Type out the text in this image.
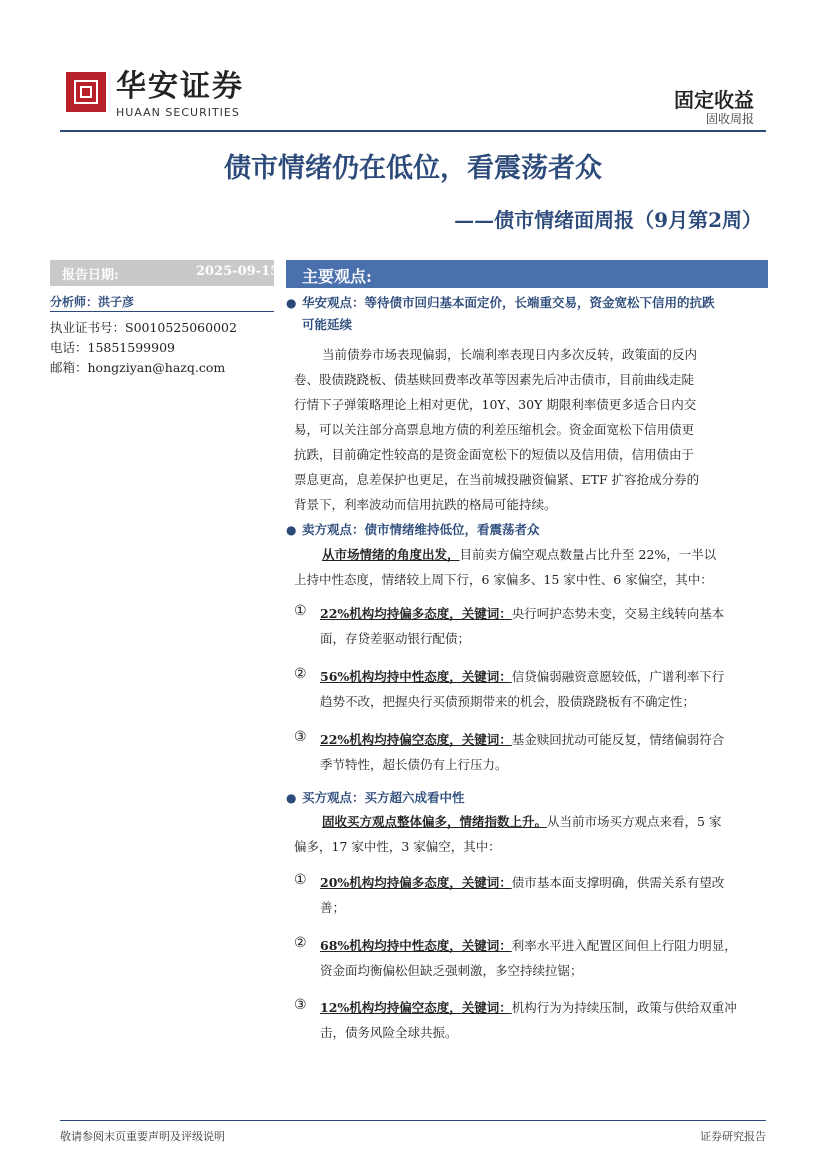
华安证券
HUAAN SECURITIES
固定收益
固收周报
债市情绪仍在低位，看震荡者众
——债市情绪面周报（9月第2周）
报告日期:	2025-09-15
分析师：洪子彦
执业证书号：S0010525060002
电话：15851599909
邮箱：hongziyan@hazq.com
主要观点:
● 华安观点：等待债市回归基本面定价，长端重交易，资金宽松下信用的抗跌
可能延续
当前债券市场表现偏弱，长端利率表现日内多次反转，政策面的反内
卷、股债跷跷板、债基赎回费率改革等因素先后冲击债市，目前曲线走陡
行情下子弹策略理论上相对更优，10Y、30Y 期限利率债更多适合日内交
易，可以关注部分高票息地方债的利差压缩机会。资金面宽松下信用债更
抗跌，目前确定性较高的是资金面宽松下的短债以及信用债，信用债由于
票息更高，息差保护也更足，在当前城投融资偏紧、ETF 扩容抢成分券的
背景下，利率波动而信用抗跌的格局可能持续。
● 卖方观点：债市情绪维持低位，看震荡者众
从市场情绪的角度出发，目前卖方偏空观点数量占比升至 22%，一半以
上持中性态度，情绪较上周下行，6 家偏多、15 家中性、6 家偏空，其中：
① 22%机构均持偏多态度，关键词：央行呵护态势未变，交易主线转向基本
面，存贷差驱动银行配债；
② 56%机构均持中性态度，关键词：信贷偏弱融资意愿较低，广谱利率下行
趋势不改，把握央行买债预期带来的机会，股债跷跷板有不确定性；
③ 22%机构均持偏空态度，关键词：基金赎回扰动可能反复，情绪偏弱符合
季节特性，超长债仍有上行压力。
● 买方观点：买方超六成看中性
固收买方观点整体偏多，情绪指数上升。从当前市场买方观点来看，5 家
偏多，17 家中性，3 家偏空，其中：
① 20%机构均持偏多态度，关键词：债市基本面支撑明确，供需关系有望改
善；
② 68%机构均持中性态度，关键词：利率水平进入配置区间但上行阻力明显，
资金面均衡偏松但缺乏强刺激，多空持续拉锯；
③ 12%机构均持偏空态度，关键词：机构行为为持续压制，政策与供给双重冲
击，债务风险全球共振。
敬请参阅末页重要声明及评级说明	证券研究报告
